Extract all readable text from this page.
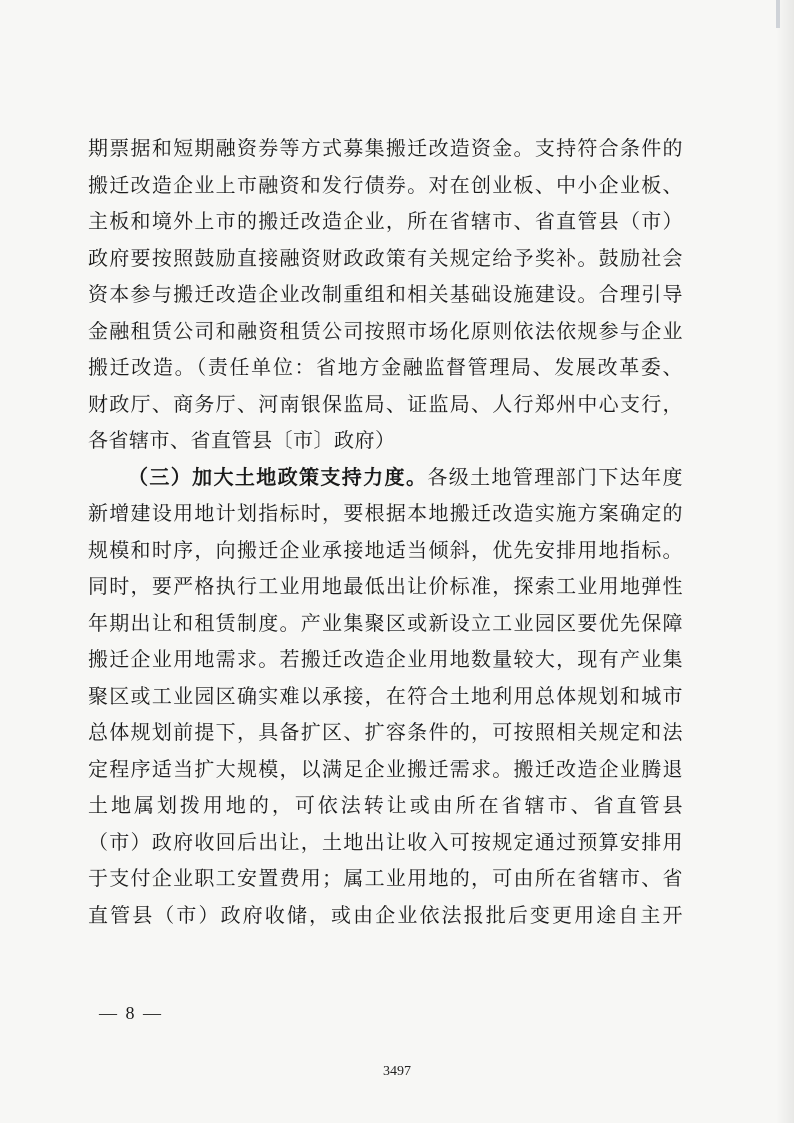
期票据和短期融资券等方式募集搬迁改造资金。支持符合条件的
搬迁改造企业上市融资和发行债券。对在创业板、中小企业板、
主板和境外上市的搬迁改造企业，所在省辖市、省直管县（市）
政府要按照鼓励直接融资财政政策有关规定给予奖补。鼓励社会
资本参与搬迁改造企业改制重组和相关基础设施建设。合理引导
金融租赁公司和融资租赁公司按照市场化原则依法依规参与企业
搬迁改造。（责任单位：省地方金融监督管理局、发展改革委、
财政厅、商务厅、河南银保监局、证监局、人行郑州中心支行，
各省辖市、省直管县〔市〕政府）
（三）加大土地政策支持力度。各级土地管理部门下达年度
新增建设用地计划指标时，要根据本地搬迁改造实施方案确定的
规模和时序，向搬迁企业承接地适当倾斜，优先安排用地指标。
同时，要严格执行工业用地最低出让价标准，探索工业用地弹性
年期出让和租赁制度。产业集聚区或新设立工业园区要优先保障
搬迁企业用地需求。若搬迁改造企业用地数量较大，现有产业集
聚区或工业园区确实难以承接，在符合土地利用总体规划和城市
总体规划前提下，具备扩区、扩容条件的，可按照相关规定和法
定程序适当扩大规模，以满足企业搬迁需求。搬迁改造企业腾退
土地属划拨用地的，可依法转让或由所在省辖市、省直管县
（市）政府收回后出让，土地出让收入可按规定通过预算安排用
于支付企业职工安置费用；属工业用地的，可由所在省辖市、省
直管县（市）政府收储，或由企业依法报批后变更用途自主开
— 8 —
3497
